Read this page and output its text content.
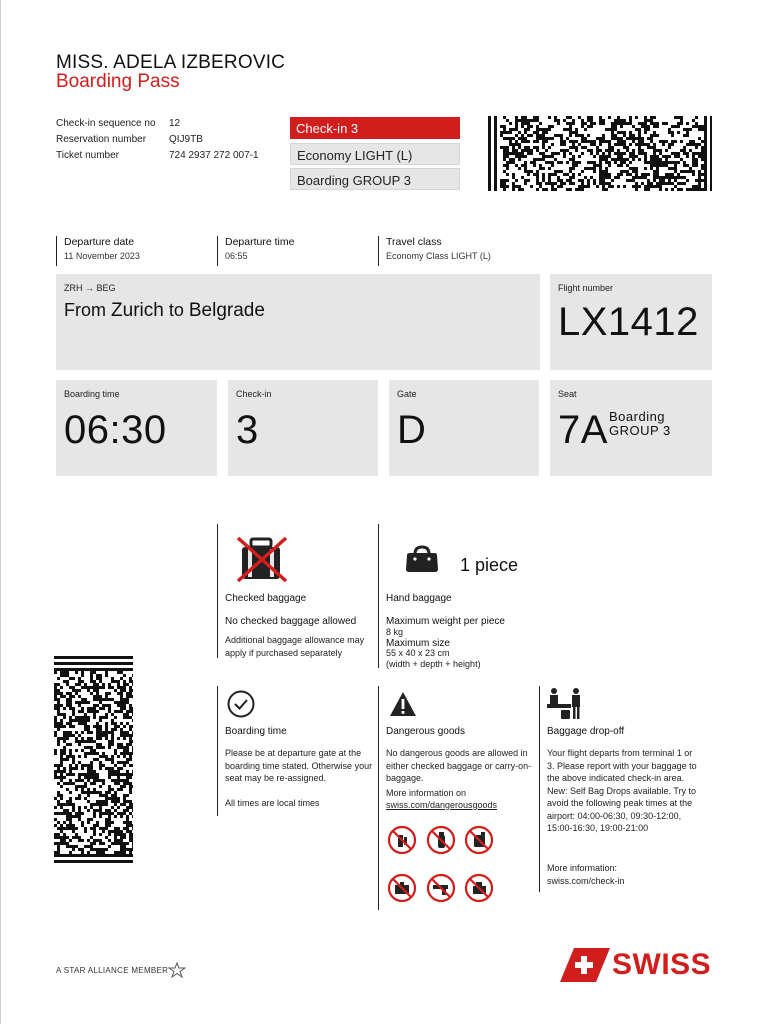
MISS. ADELA IZBEROVIC
Boarding Pass
Check-in sequence no	12
Reservation number	QIJ9TB
Ticket number	724 2937 272 007-1
Check-in 3
Economy LIGHT (L)
Boarding GROUP 3
Departure date
11 November 2023
Departure time
06:55
Travel class
Economy Class LIGHT (L)
ZRH → BEG
From Zurich to Belgrade
Flight number
LX1412
Boarding time
06:30
Check-in
3
Gate
D
Seat
7A Boarding
GROUP 3
Checked baggage
No checked baggage allowed
Additional baggage allowance may apply if purchased separately
1 piece
Hand baggage
Maximum weight per piece
8 kg
Maximum size
55 x 40 x 23 cm
(width + depth + height)
Boarding time
Please be at departure gate at the boarding time stated. Otherwise your seat may be re-assigned.
All times are local times
Dangerous goods
No dangerous goods are allowed in either checked baggage or carry-on-baggage.
More information on
swiss.com/dangerousgoods
Baggage drop-off
Your flight departs from terminal 1 or 3. Please report with your baggage to the above indicated check-in area. New: Self Bag Drops available. Try to avoid the following peak times at the airport: 04:00-06:30, 09:30-12:00, 15:00-16:30, 19:00-21:00
More information:
swiss.com/check-in
A STAR ALLIANCE MEMBER	SWISS
